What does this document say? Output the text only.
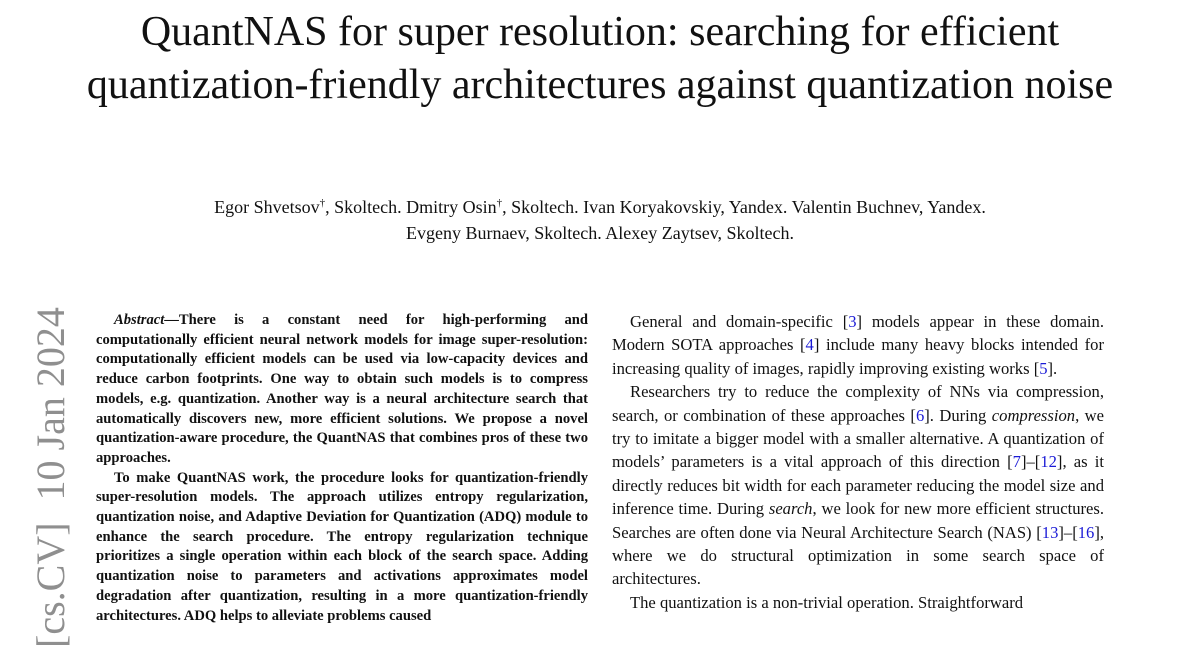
QuantNAS for super resolution: searching for efficient quantization-friendly architectures against quantization noise
Egor Shvetsov†, Skoltech. Dmitry Osin†, Skoltech. Ivan Koryakovskiy, Yandex. Valentin Buchnev, Yandex.
Evgeny Burnaev, Skoltech. Alexey Zaytsev, Skoltech.
[cs.CV]10 Jan 2024	Abstract—There is a constant need for high-performing and computationally efficient neural network models for image super-resolution: computationally efficient models can be used via low-capacity devices and reduce carbon footprints. One way to obtain such models is to compress models, e.g. quantization. Another way is a neural architecture search that automatically discovers new, more efficient solutions. We propose a novel quantization-aware procedure, the QuantNAS that combines pros of these two approaches.

To make QuantNAS work, the procedure looks for quantization-friendly super-resolution models. The approach utilizes entropy regularization, quantization noise, and Adaptive Deviation for Quantization (ADQ) module to enhance the search procedure. The entropy regularization technique prioritizes a single operation within each block of the search space. Adding quantization noise to parameters and activations approximates model degradation after quantization, resulting in a more quantization-friendly architectures. ADQ helps to alleviate problems caused

General and domain-specific [3] models appear in these domain. Modern SOTA approaches [4] include many heavy blocks intended for increasing quality of images, rapidly improving existing works [5].

Researchers try to reduce the complexity of NNs via compression, search, or combination of these approaches [6]. During compression, we try to imitate a bigger model with a smaller alternative. A quantization of models’ parameters is a vital approach of this direction [7]–[12], as it directly reduces bit width for each parameter reducing the model size and inference time. During search, we look for new more efficient structures. Searches are often done via Neural Architecture Search (NAS) [13]–[16], where we do structural optimization in some search space of architectures.

The quantization is a non-trivial operation. Straightforward
